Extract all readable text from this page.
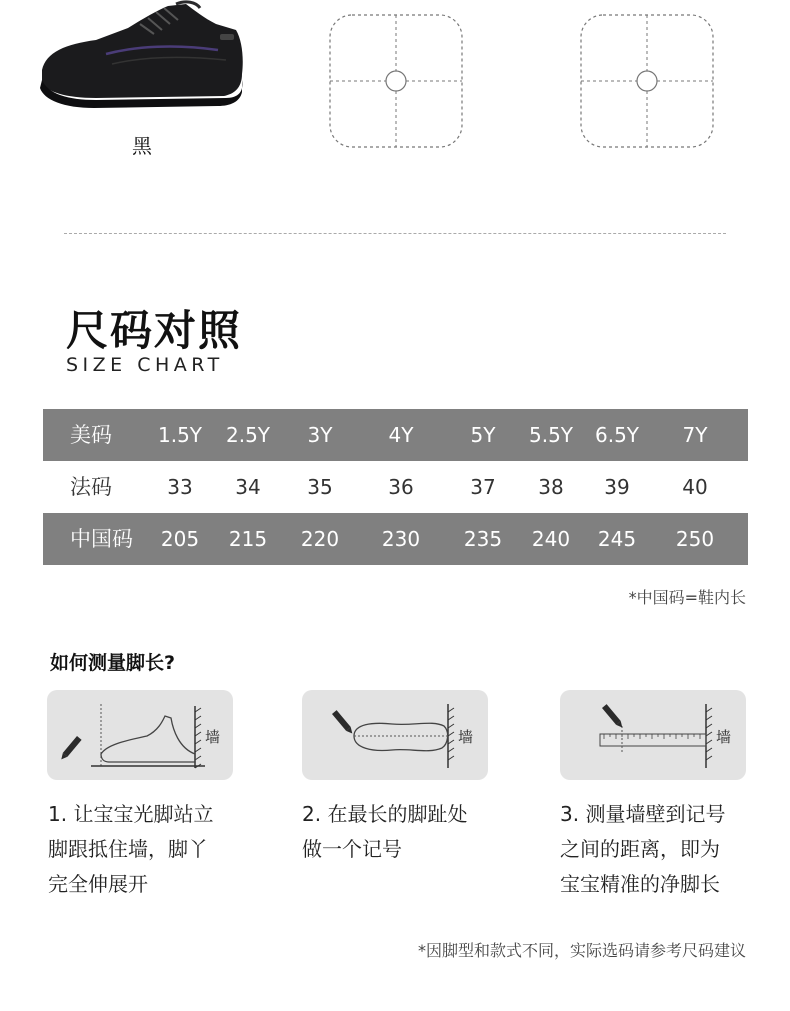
黑
尺码对照
SIZE CHART
美码	1.5Y	2.5Y	3Y	4Y	5Y	5.5Y	6.5Y	7Y
法码	33	34	35	36	37	38	39	40
中国码	205	215	220	230	235	240	245	250
*中国码=鞋内长
如何测量脚长?
墙	墙	墙
1. 让宝宝光脚站立
脚跟抵住墙，脚丫
完全伸展开
2. 在最长的脚趾处
做一个记号
3. 测量墙壁到记号
之间的距离，即为
宝宝精准的净脚长
*因脚型和款式不同，实际选码请参考尺码建议
